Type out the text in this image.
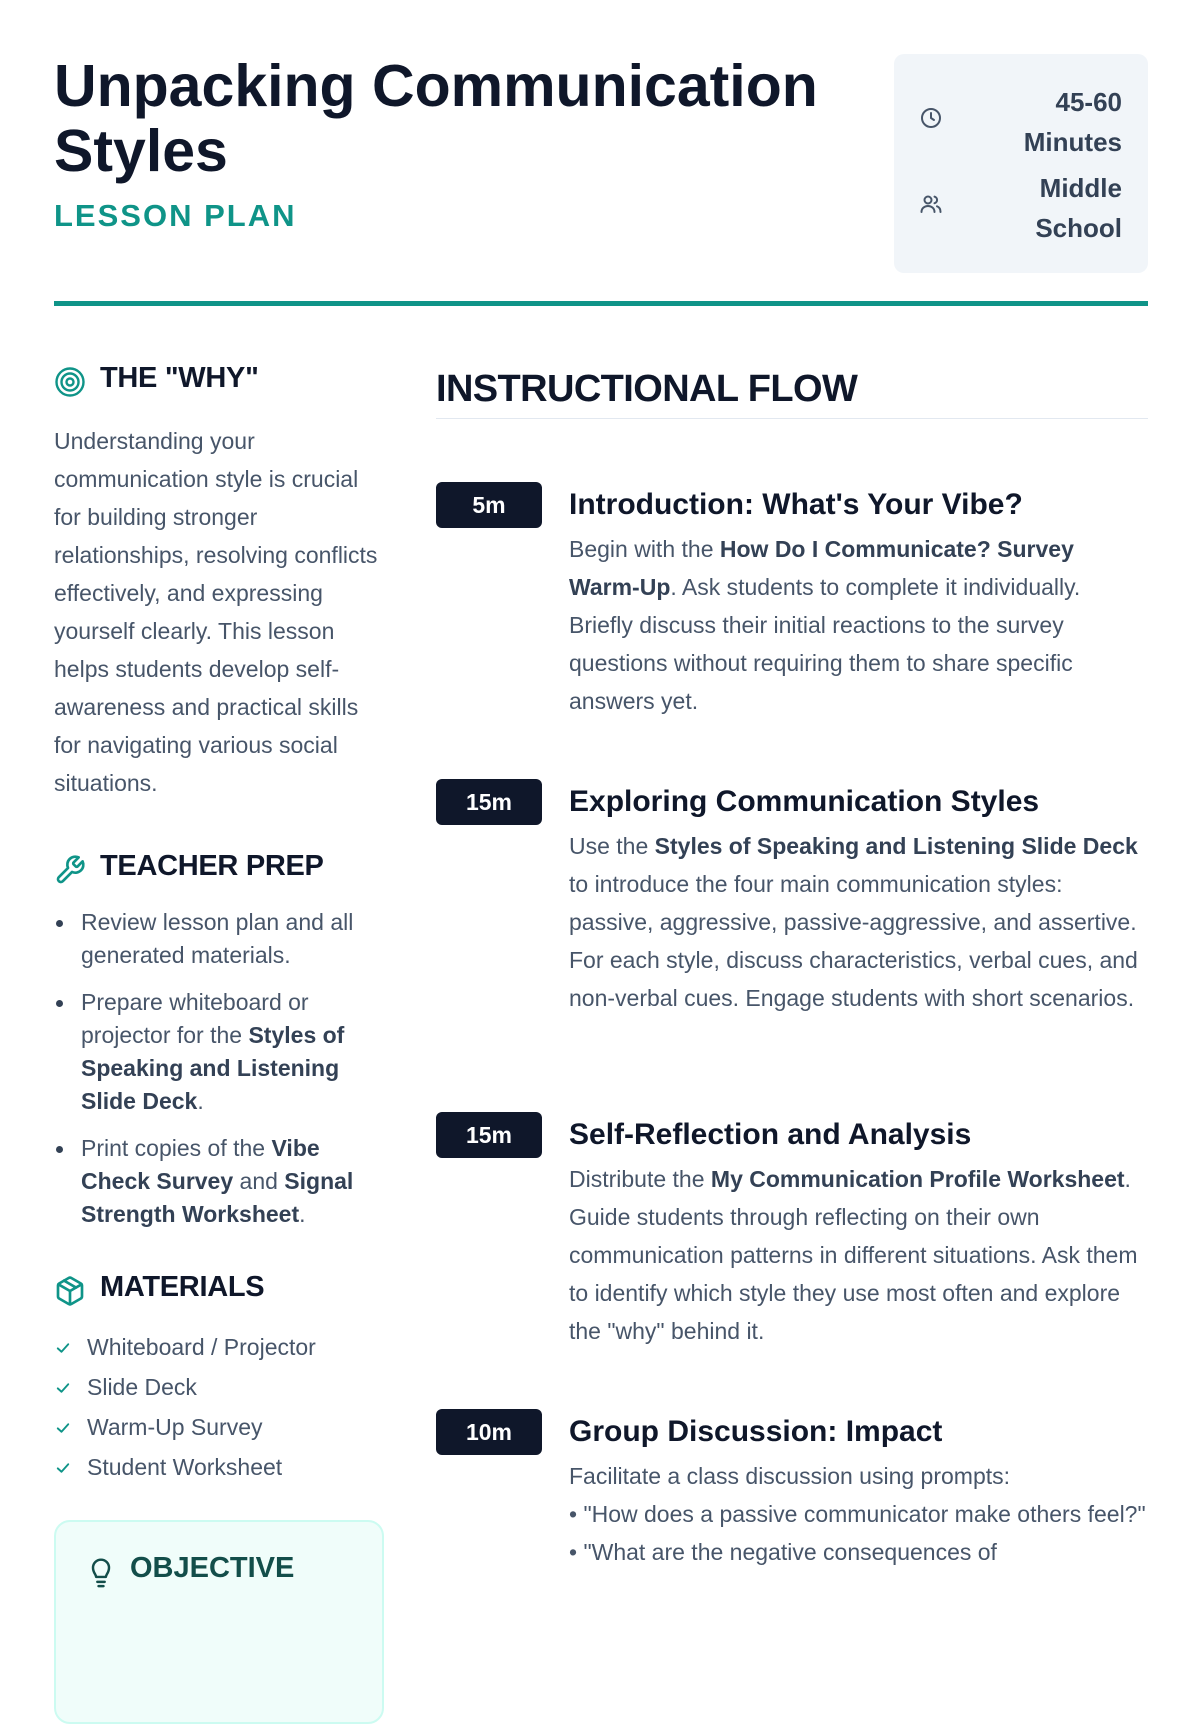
Unpacking Communication Styles

LESSON PLAN

45-60 Minutes
Middle School
THE "WHY"

Understanding your communication style is crucial for building stronger relationships, resolving conflicts effectively, and expressing yourself clearly. This lesson helps students develop self-awareness and practical skills for navigating various social situations.

TEACHER PREP
Review lesson plan and all generated materials.
Prepare whiteboard or projector for the Styles of Speaking and Listening Slide Deck.
Print copies of the Vibe Check Survey and Signal Strength Worksheet.
MATERIALS
Whiteboard / Projector
Slide Deck
Warm-Up Survey
Student Worksheet
OBJECTIVE
INSTRUCTIONAL FLOW
5m	Introduction: What's Your Vibe?

Begin with the How Do I Communicate? Survey Warm-Up. Ask students to complete it individually. Briefly discuss their initial reactions to the survey questions without requiring them to share specific answers yet.

15m	Exploring Communication Styles

Use the Styles of Speaking and Listening Slide Deck to introduce the four main communication styles: passive, aggressive, passive-aggressive, and assertive. For each style, discuss characteristics, verbal cues, and non-verbal cues. Engage students with short scenarios.

15m	Self-Reflection and Analysis

Distribute the My Communication Profile Worksheet. Guide students through reflecting on their own communication patterns in different situations. Ask them to identify which style they use most often and explore the "why" behind it.

10m	Group Discussion: Impact

Facilitate a class discussion using prompts:
• "How does a passive communicator make others feel?"
• "What are the negative consequences of
